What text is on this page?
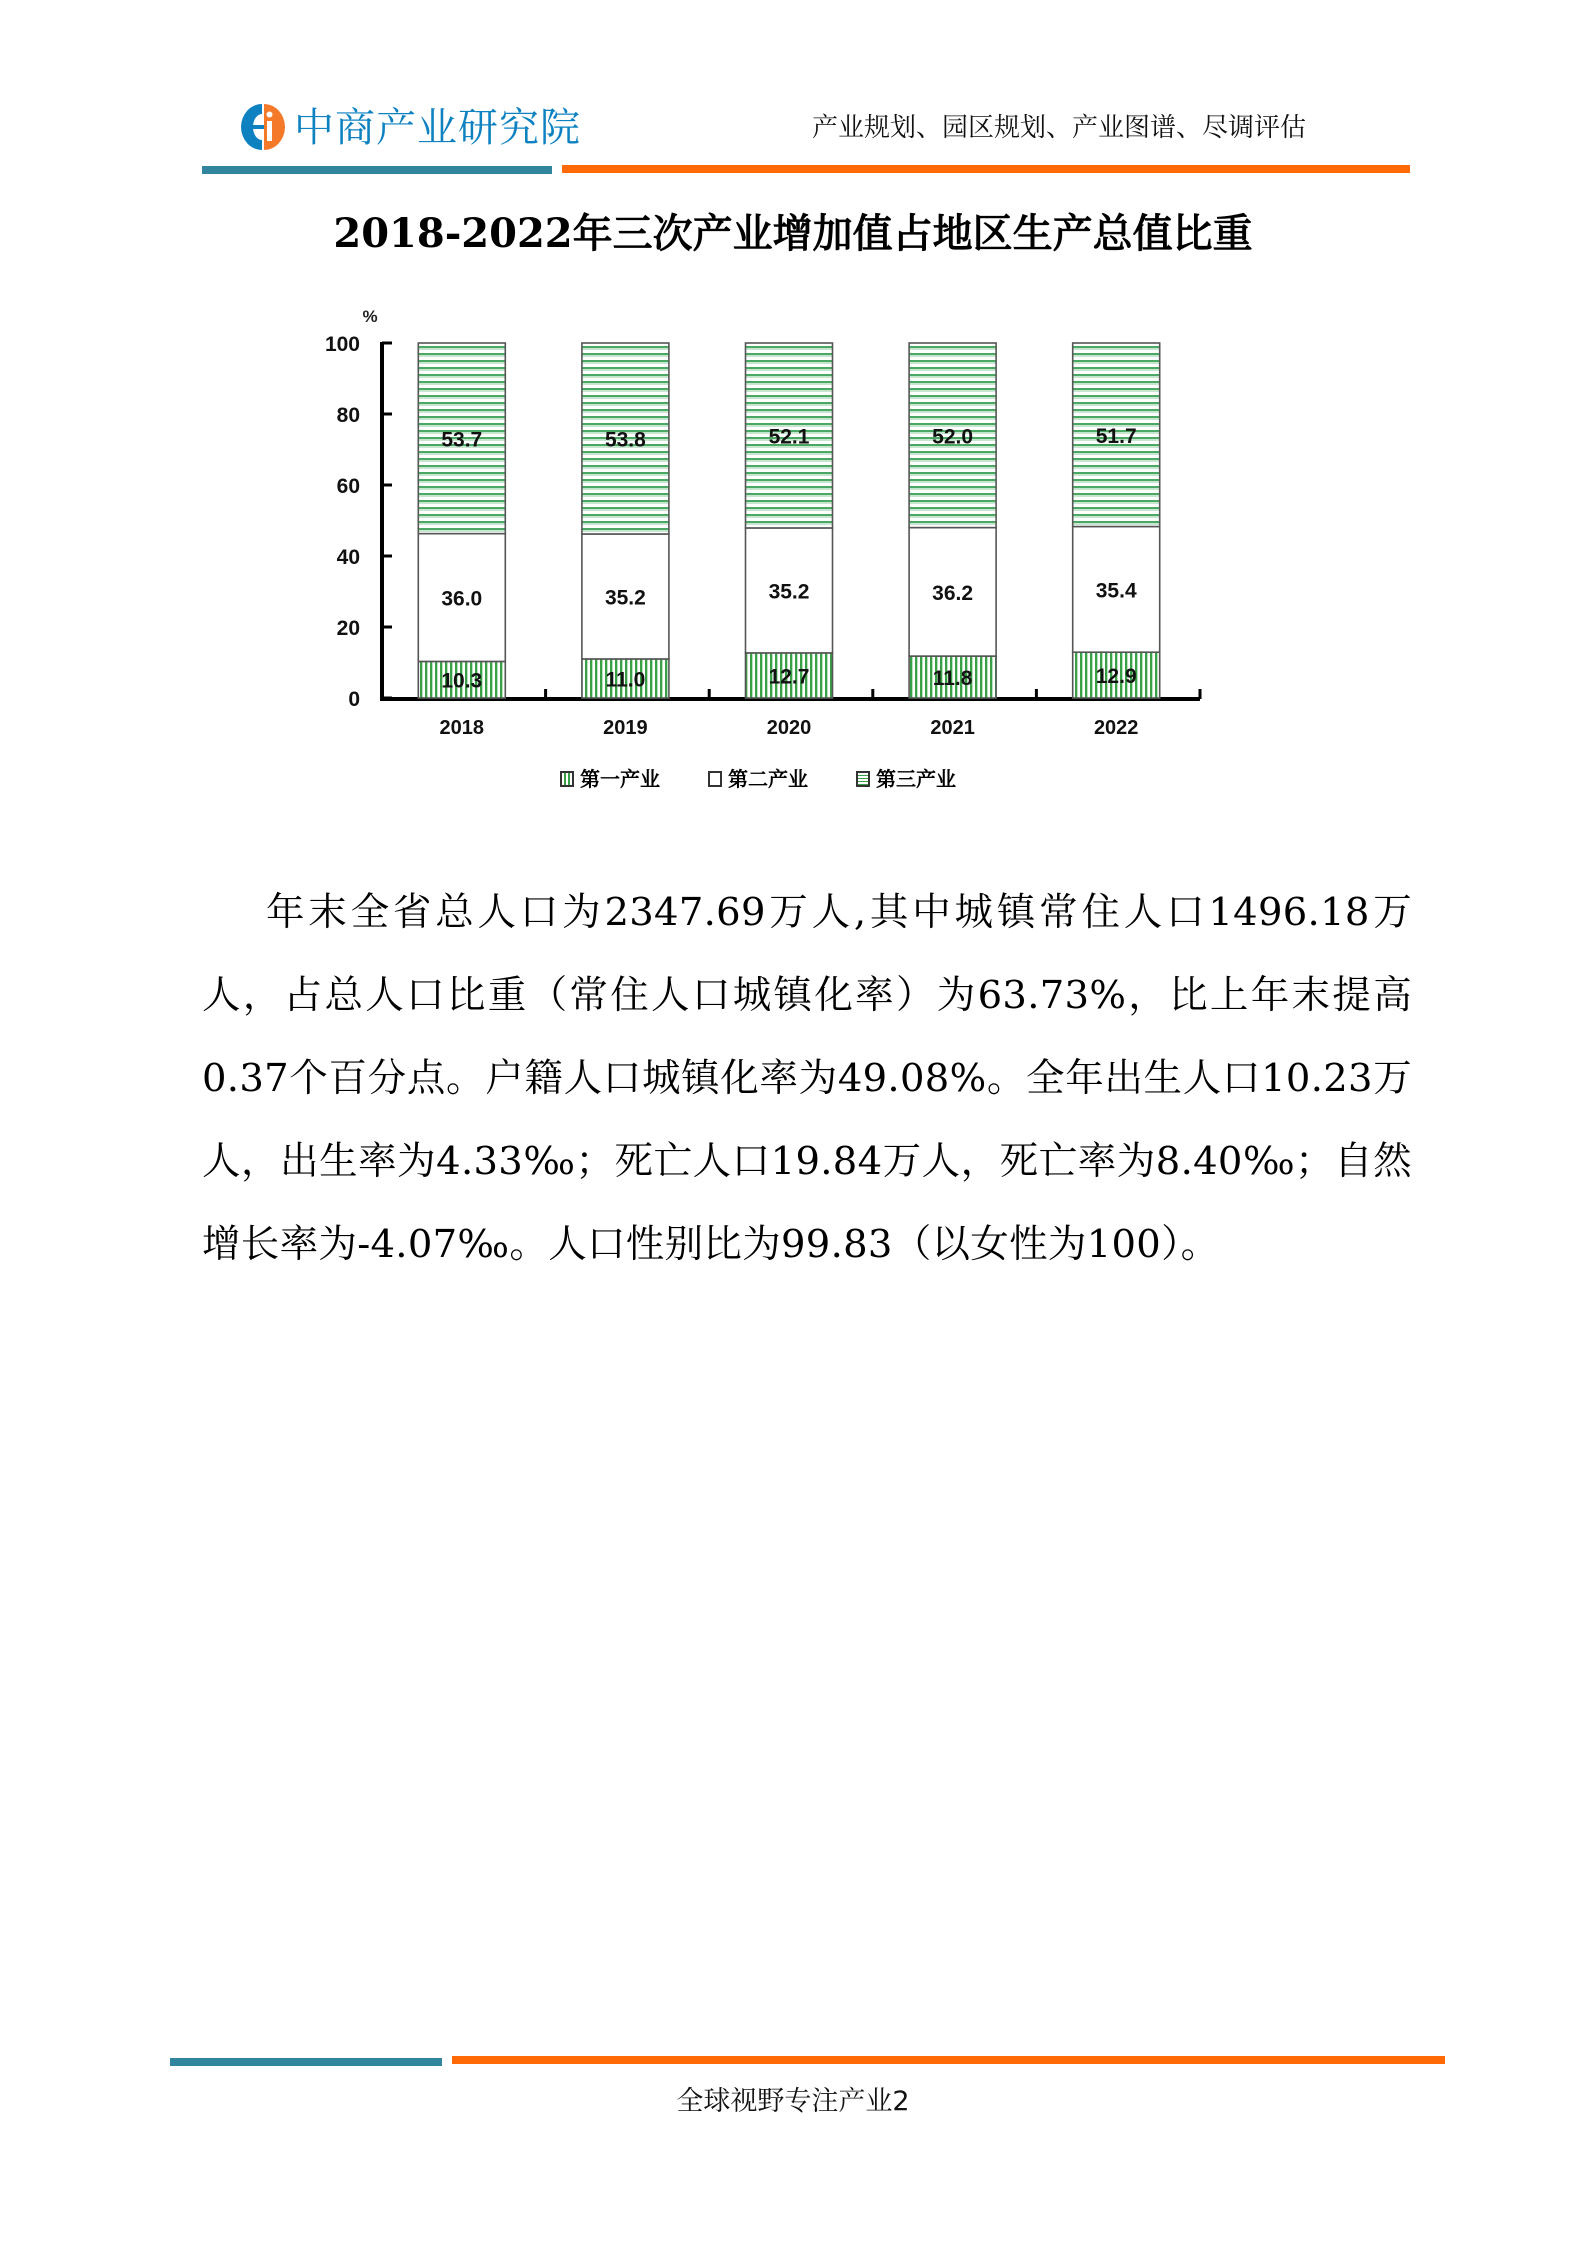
中商产业研究院	产业规划、园区规划、产业图谱、尽调评估
2018-2022年三次产业增加值占地区生产总值比重
%
0
20
40
60
80
100
10.3
36.0
53.7
11.0
35.2
53.8
12.7
35.2
52.1
11.8
36.2
52.0
12.9
35.4
51.7
2018	2019	2020	2021	2022
第一产业	第二产业	第三产业

年末全省总人口为2347.69万人,其中城镇常住人口1496.18万人，占总人口比重（常住人口城镇化率）为63.73%，比上年末提高0.37个百分点。户籍人口城镇化率为49.08%。全年出生人口10.23万人，出生率为4.33‰；死亡人口19.84万人，死亡率为8.40‰；自然增长率为-4.07‰。人口性别比为99.83（以女性为100）。

全球视野专注产业2
